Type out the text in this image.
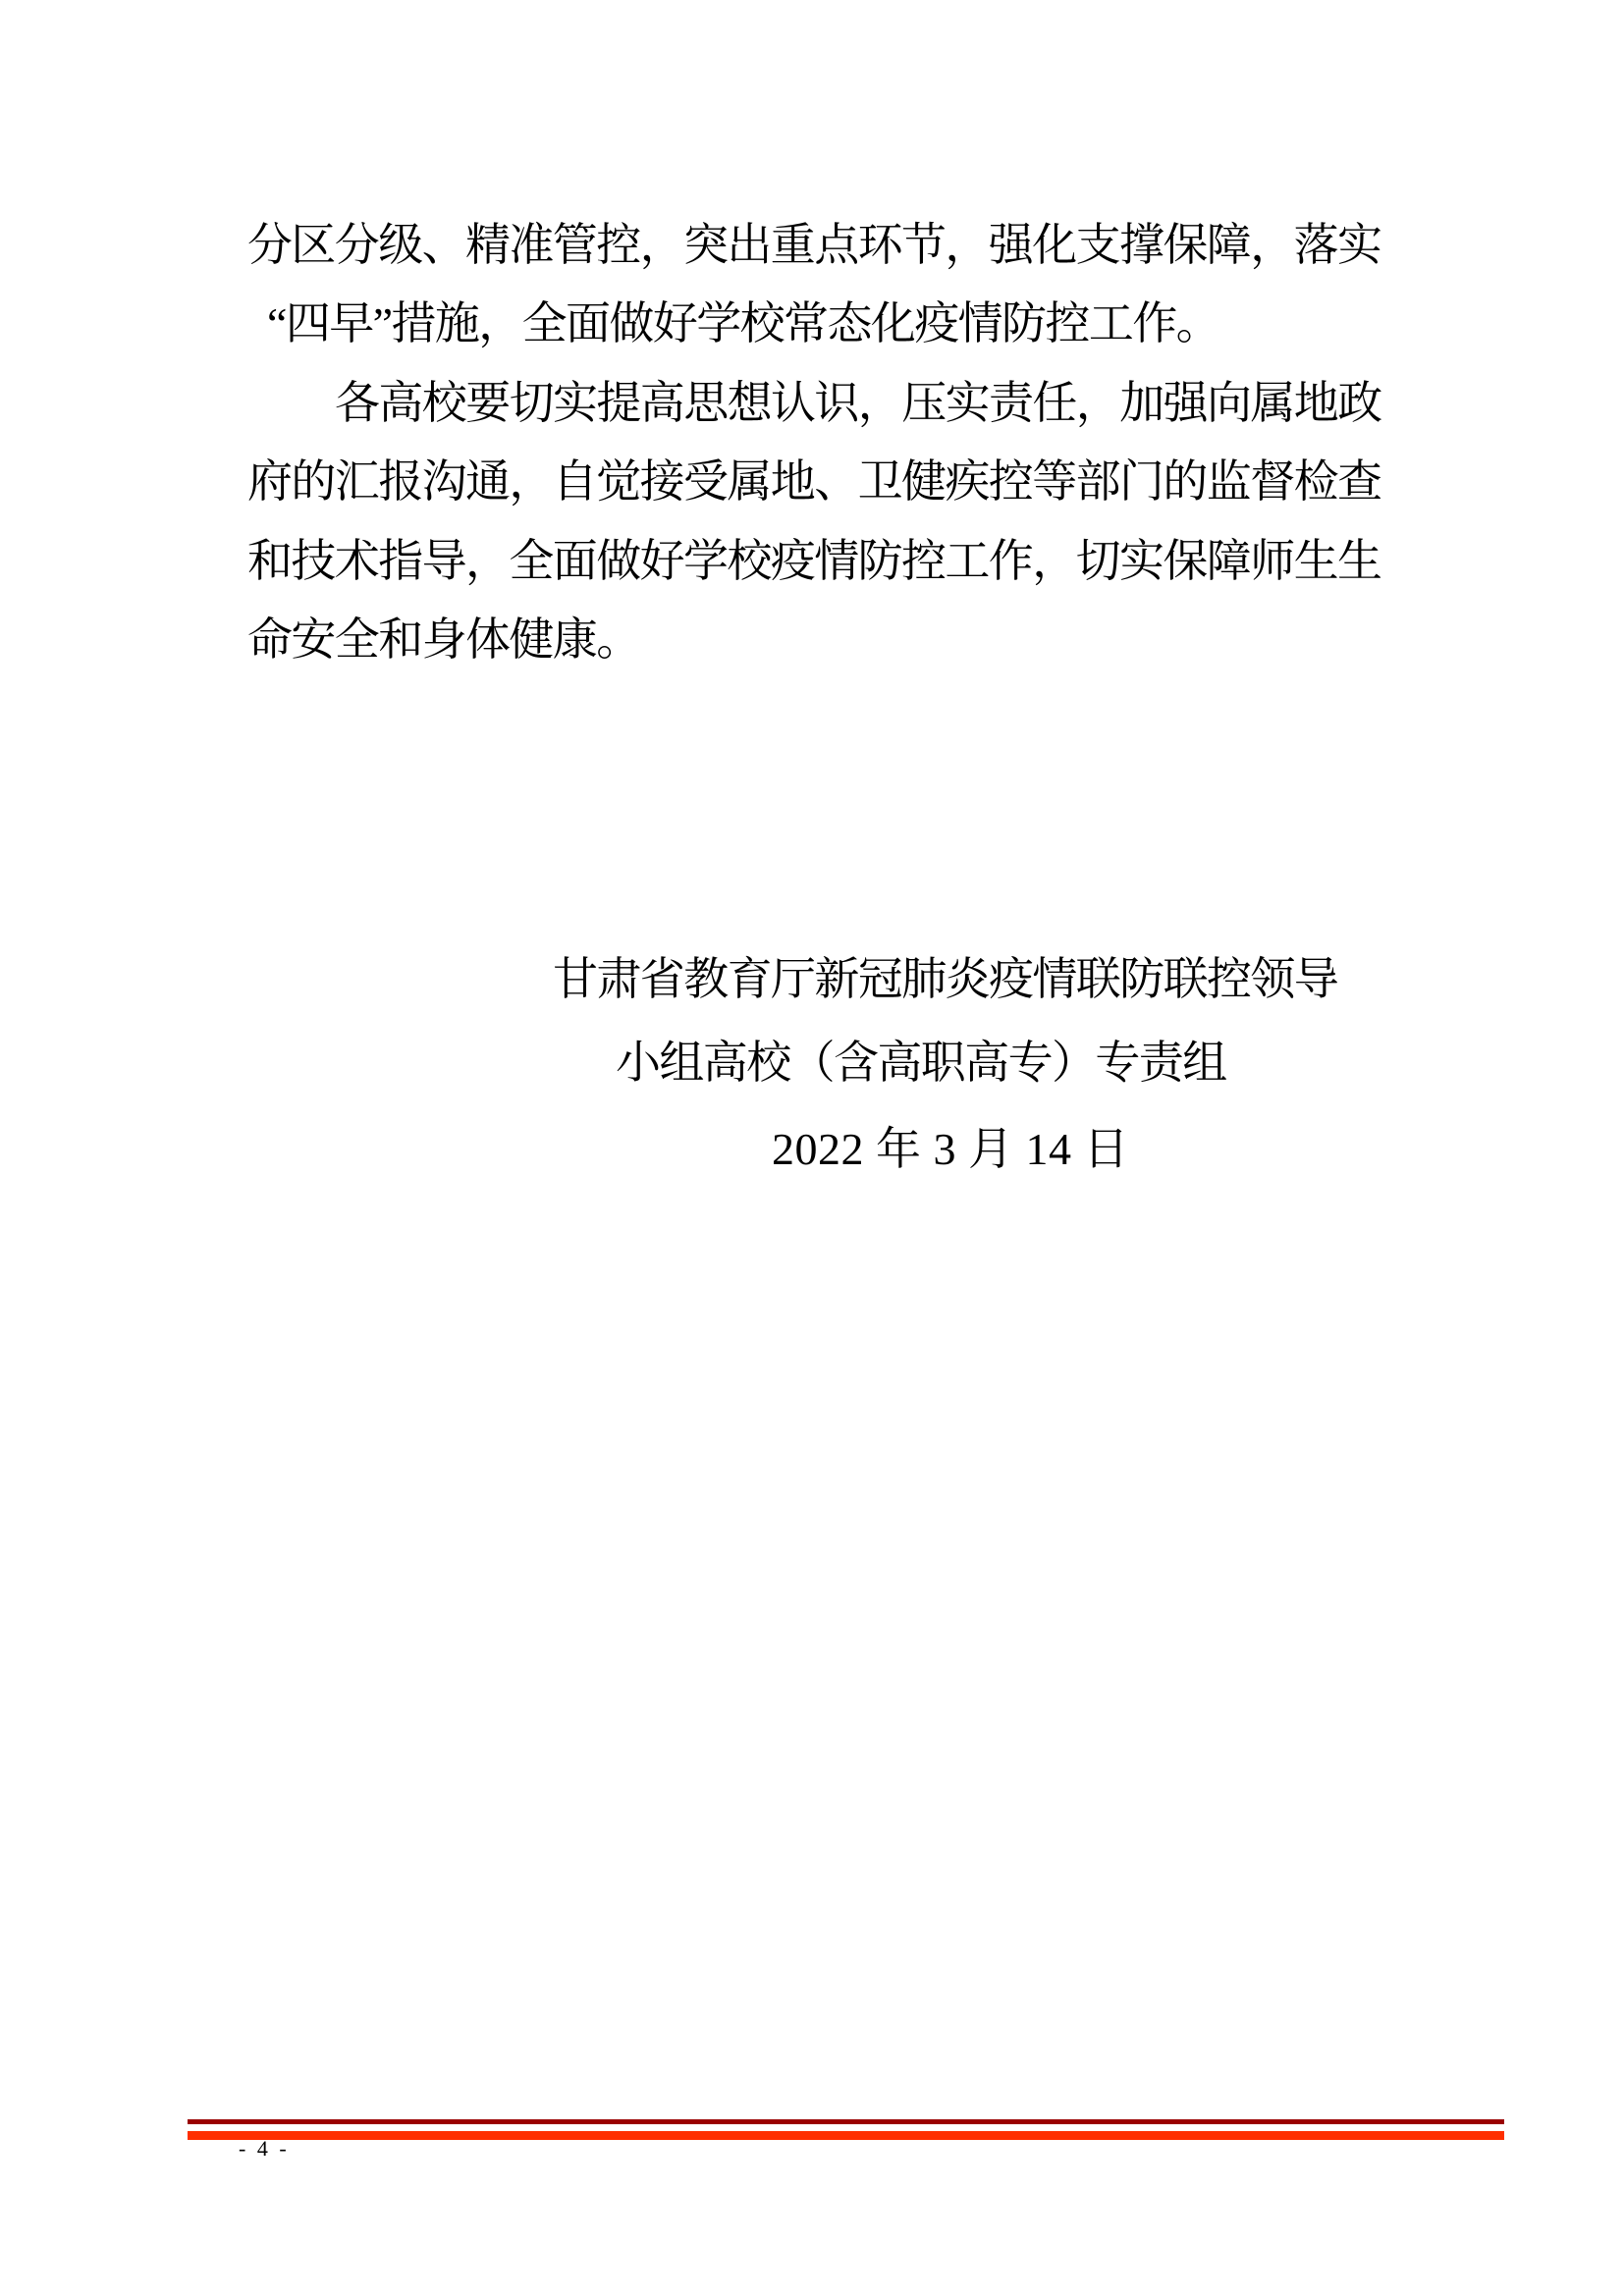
分区分级、精准管控，突出重点环节，强化支撑保障，落实
“四早”措施，全面做好学校常态化疫情防控工作。
各高校要切实提高思想认识，压实责任，加强向属地政
府的汇报沟通，自觉接受属地、卫健疾控等部门的监督检查
和技术指导，全面做好学校疫情防控工作，切实保障师生生
命安全和身体健康。
甘肃省教育厅新冠肺炎疫情联防联控领导
小组高校（含高职高专）专责组
2022 年 3 月 14 日
- 4 -
